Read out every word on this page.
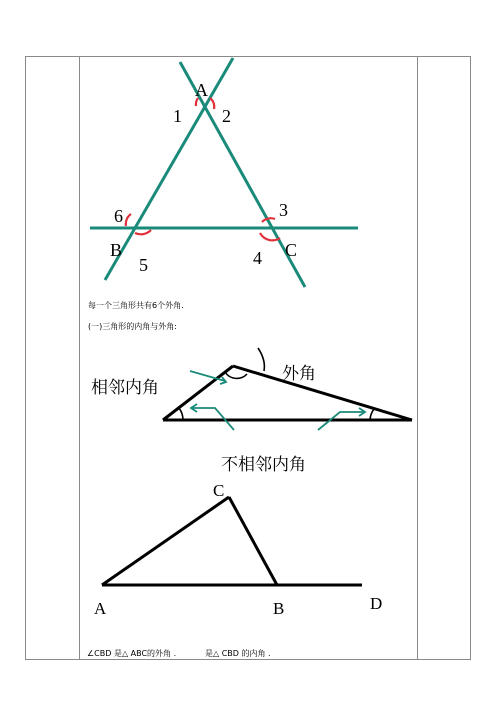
A
1 2
6
B
5
3
C
4
每一个三角形共有6个外角.
(一)三角形的内角与外角:
相邻内角
外角
不相邻内角
C
A	B	D
∠CBD 是△ ABC的外角 .	是△ CBD 的内角 .
